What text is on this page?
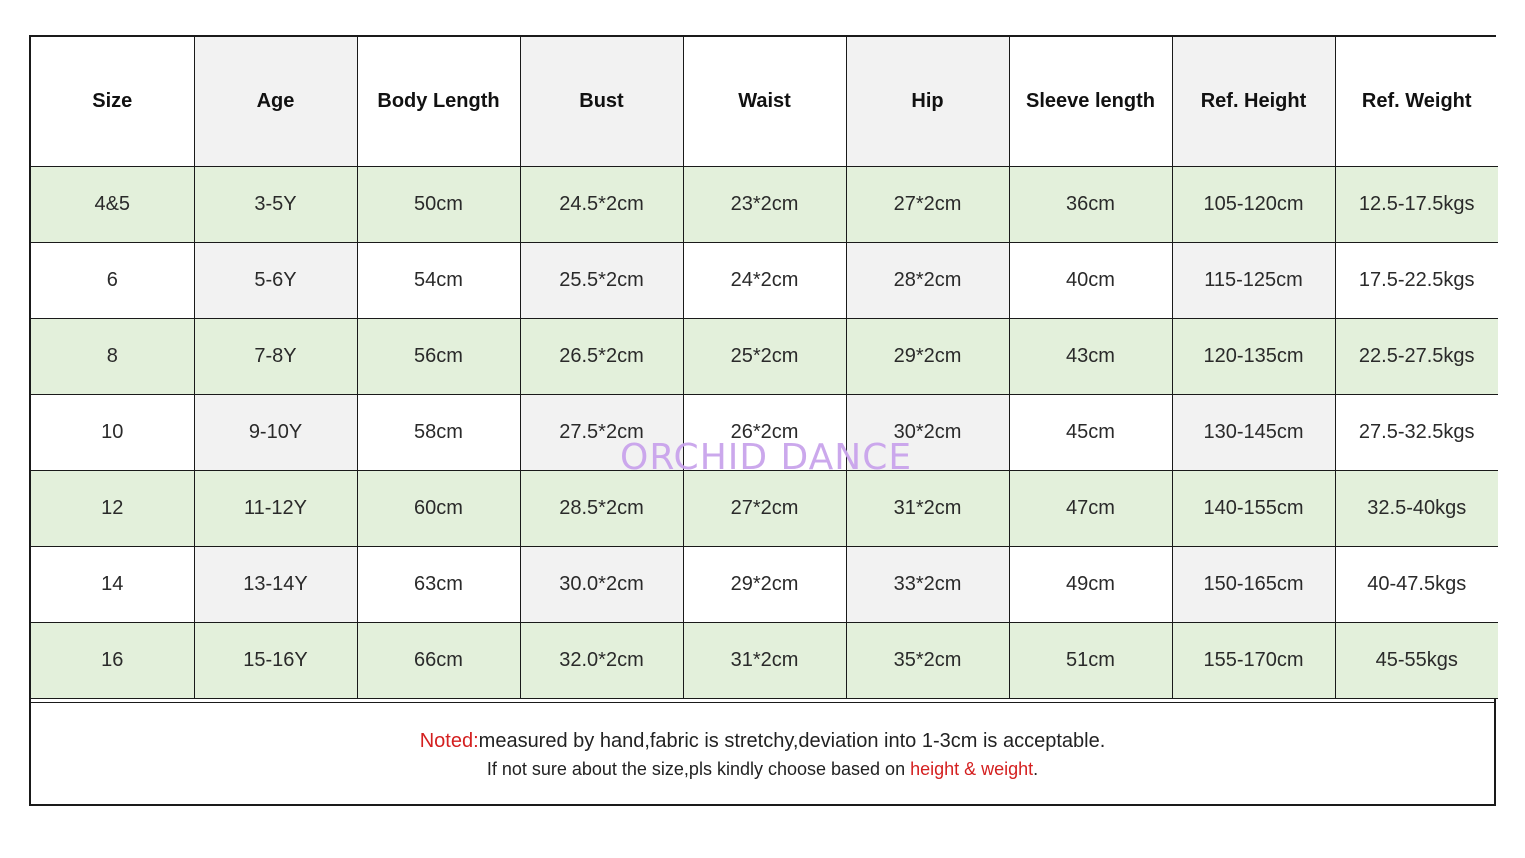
Size	Age	Body Length	Bust	Waist	Hip	Sleeve length	Ref. Height	Ref. Weight
4&5	3-5Y	50cm	24.5*2cm	23*2cm	27*2cm	36cm	105-120cm	12.5-17.5kgs
6	5-6Y	54cm	25.5*2cm	24*2cm	28*2cm	40cm	115-125cm	17.5-22.5kgs
8	7-8Y	56cm	26.5*2cm	25*2cm	29*2cm	43cm	120-135cm	22.5-27.5kgs
10	9-10Y	58cm	27.5*2cm	26*2cm	30*2cm	45cm	130-145cm	27.5-32.5kgs
12	11-12Y	60cm	28.5*2cm	27*2cm	31*2cm	47cm	140-155cm	32.5-40kgs
14	13-14Y	63cm	30.0*2cm	29*2cm	33*2cm	49cm	150-165cm	40-47.5kgs
16	15-16Y	66cm	32.0*2cm	31*2cm	35*2cm	51cm	155-170cm	45-55kgs
Noted:measured by hand,fabric is stretchy,deviation into 1-3cm is acceptable.
If not sure about the size,pls kindly choose based on height & weight.
ORCHID DANCE
